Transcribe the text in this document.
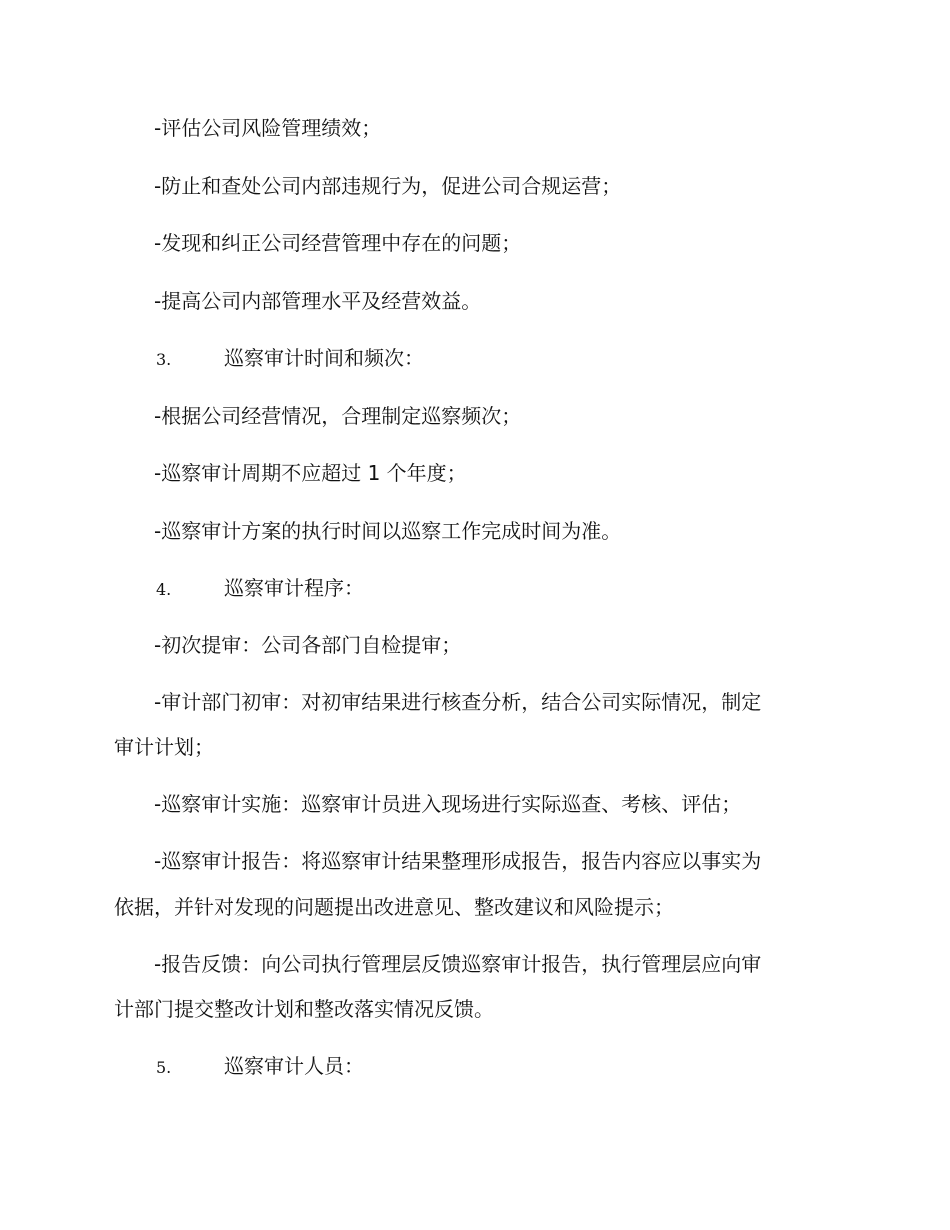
-评估公司风险管理绩效；
-防止和查处公司内部违规行为，促进公司合规运营；
-发现和纠正公司经营管理中存在的问题；
-提高公司内部管理水平及经营效益。
3.	巡察审计时间和频次：
-根据公司经营情况，合理制定巡察频次；
-巡察审计周期不应超过 1 个年度；
-巡察审计方案的执行时间以巡察工作完成时间为准。
4.	巡察审计程序：
-初次提审：公司各部门自检提审；
-审计部门初审：对初审结果进行核查分析，结合公司实际情况，制定
审计计划；
-巡察审计实施：巡察审计员进入现场进行实际巡查、考核、评估；
-巡察审计报告：将巡察审计结果整理形成报告，报告内容应以事实为
依据，并针对发现的问题提出改进意见、整改建议和风险提示；
-报告反馈：向公司执行管理层反馈巡察审计报告，执行管理层应向审
计部门提交整改计划和整改落实情况反馈。
5.	巡察审计人员：
